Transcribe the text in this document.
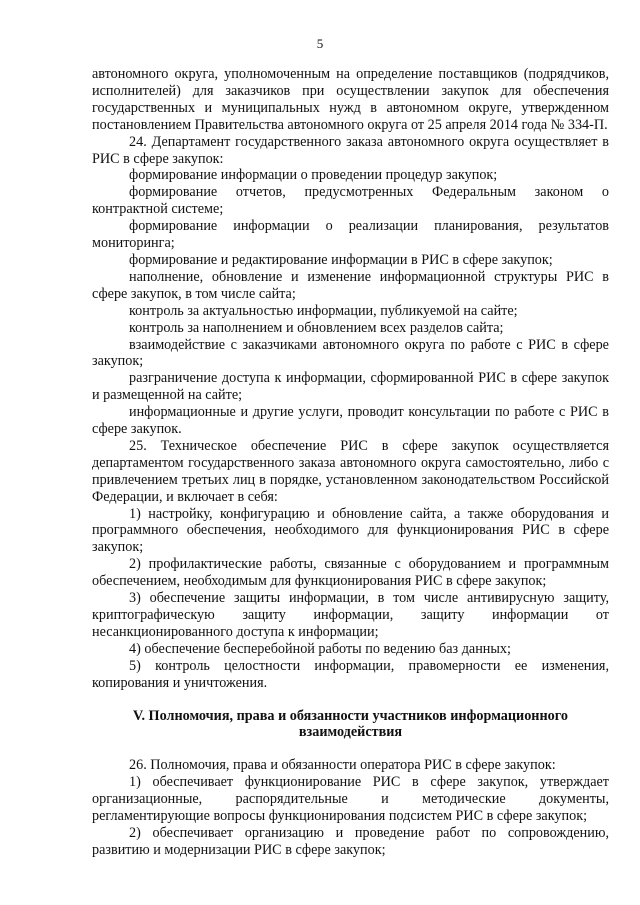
5

автономного округа, уполномоченным на определение поставщиков (подрядчиков, исполнителей) для заказчиков при осуществлении закупок для обеспечения государственных и муниципальных нужд в автономном округе, утвержденном постановлением Правительства автономного округа от 25 апреля 2014 года № 334-П.

24. Департамент государственного заказа автономного округа осуществляет в РИС в сфере закупок:

формирование информации о проведении процедур закупок;

формирование отчетов, предусмотренных Федеральным законом о контрактной системе;

формирование информации о реализации планирования, результатов мониторинга;

формирование и редактирование информации в РИС в сфере закупок;

наполнение, обновление и изменение информационной структуры РИС в сфере закупок, в том числе сайта;

контроль за актуальностью информации, публикуемой на сайте;

контроль за наполнением и обновлением всех разделов сайта;

взаимодействие с заказчиками автономного округа по работе с РИС в сфере закупок;

разграничение доступа к информации, сформированной РИС в сфере закупок и размещенной на сайте;

информационные и другие услуги, проводит консультации по работе с РИС в сфере закупок.

25. Техническое обеспечение РИС в сфере закупок осуществляется департаментом государственного заказа автономного округа самостоятельно, либо с привлечением третьих лиц в порядке, установленном законодательством Российской Федерации, и включает в себя:

1) настройку, конфигурацию и обновление сайта, а также оборудования и программного обеспечения, необходимого для функционирования РИС в сфере закупок;

2) профилактические работы, связанные с оборудованием и программным обеспечением, необходимым для функционирования РИС в сфере закупок;

3) обеспечение защиты информации, в том числе антивирусную защиту, криптографическую защиту информации, защиту информации от несанкционированного доступа к информации;

4) обеспечение бесперебойной работы по ведению баз данных;

5) контроль целостности информации, правомерности ее изменения, копирования и уничтожения.

V. Полномочия, права и обязанности участников информационного взаимодействия

26. Полномочия, права и обязанности оператора РИС в сфере закупок:

1) обеспечивает функционирование РИС в сфере закупок, утверждает организационные, распорядительные и методические документы, регламентирующие вопросы функционирования подсистем РИС в сфере закупок;

2) обеспечивает организацию и проведение работ по сопровождению, развитию и модернизации РИС в сфере закупок;
